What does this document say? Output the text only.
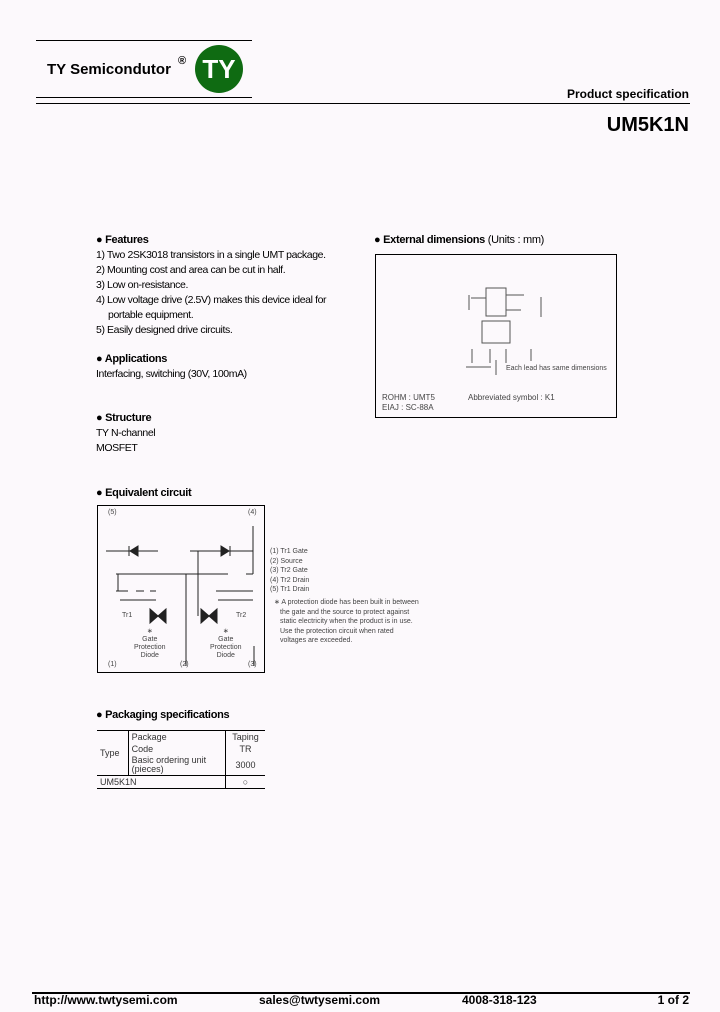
TY Semicondutor ® TY
Product specification
UM5K1N
● Features
1) Two 2SK3018 transistors in a single UMT package.
2) Mounting cost and area can be cut in half.
3) Low on-resistance.
4) Low voltage drive (2.5V) makes this device ideal for
portable equipment.
5) Easily designed drive circuits.
● Applications
Interfacing, switching (30V, 100mA)
● Structure
TY N-channel
MOSFET
● External dimensions (Units : mm)
Each lead has same dimensions
ROHM : UMT5
EIAJ : SC-88A
Abbreviated symbol : K1
● Equivalent circuit
(5)	(4)
(1)	(2)	(3)
Tr1	Tr2
∗
Gate
Protection
Diode
∗
Gate
Protection
Diode
(1) Tr1 Gate
(2) Source
(3) Tr2 Gate
(4) Tr2 Drain
(5) Tr1 Drain
∗ A protection diode has been built in between
the gate and the source to protect against
static electricity when the product is in use.
Use the protection circuit when rated
voltages are exceeded.
● Packaging specifications
Type	Package	Taping
	Code	TR
	Basic ordering unit
(pieces)	3000
UM5K1N		○
http://www.twtysemi.com	sales@twtysemi.com	4008-318-123	1 of 2
